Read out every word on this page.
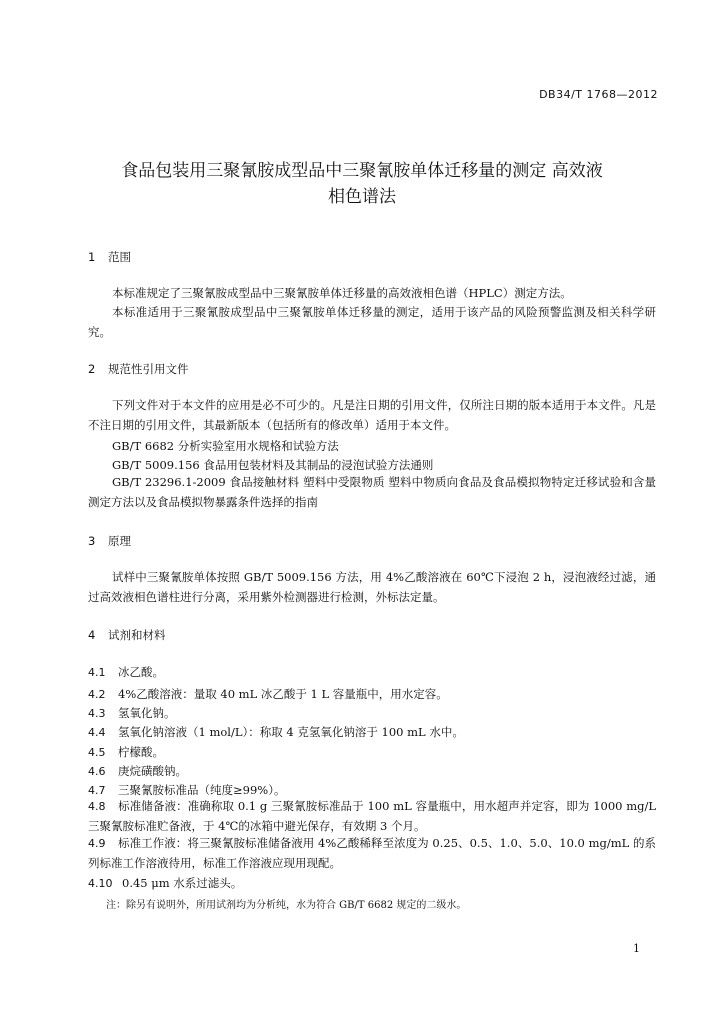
DB34/T 1768—2012
食品包装用三聚氰胺成型品中三聚氰胺单体迁移量的测定 高效液
相色谱法
1 范围
本标准规定了三聚氰胺成型品中三聚氰胺单体迁移量的高效液相色谱（HPLC）测定方法。
本标准适用于三聚氰胺成型品中三聚氰胺单体迁移量的测定，适用于该产品的风险预警监测及相关科学研究。
2 规范性引用文件
下列文件对于本文件的应用是必不可少的。凡是注日期的引用文件，仅所注日期的版本适用于本文件。凡是不注日期的引用文件，其最新版本（包括所有的修改单）适用于本文件。
GB/T 6682 分析实验室用水规格和试验方法
GB/T 5009.156 食品用包装材料及其制品的浸泡试验方法通则
GB/T 23296.1-2009 食品接触材料 塑料中受限物质 塑料中物质向食品及食品模拟物特定迁移试验和含量测定方法以及食品模拟物暴露条件选择的指南
3 原理
试样中三聚氰胺单体按照 GB/T 5009.156 方法，用 4%乙酸溶液在 60℃下浸泡 2 h，浸泡液经过滤，通过高效液相色谱柱进行分离，采用紫外检测器进行检测，外标法定量。
4 试剂和材料
4.1 冰乙酸。
4.2 4%乙酸溶液：量取 40 mL 冰乙酸于 1 L 容量瓶中，用水定容。
4.3 氢氧化钠。
4.4 氢氧化钠溶液（1 mol/L）：称取 4 克氢氧化钠溶于 100 mL 水中。
4.5 柠檬酸。
4.6 庚烷磺酸钠。
4.7 三聚氰胺标准品（纯度≥99%）。
4.8 标准储备液：准确称取 0.1 g 三聚氰胺标准品于 100 mL 容量瓶中，用水超声并定容，即为 1000 mg/L 三聚氰胺标准贮备液，于 4℃的冰箱中避光保存，有效期 3 个月。
4.9 标准工作液：将三聚氰胺标准储备液用 4%乙酸稀释至浓度为 0.25、0.5、1.0、5.0、10.0 mg/mL 的系列标准工作溶液待用，标准工作溶液应现用现配。
4.10 0.45 μm 水系过滤头。
注：除另有说明外，所用试剂均为分析纯，水为符合 GB/T 6682 规定的二级水。
1
